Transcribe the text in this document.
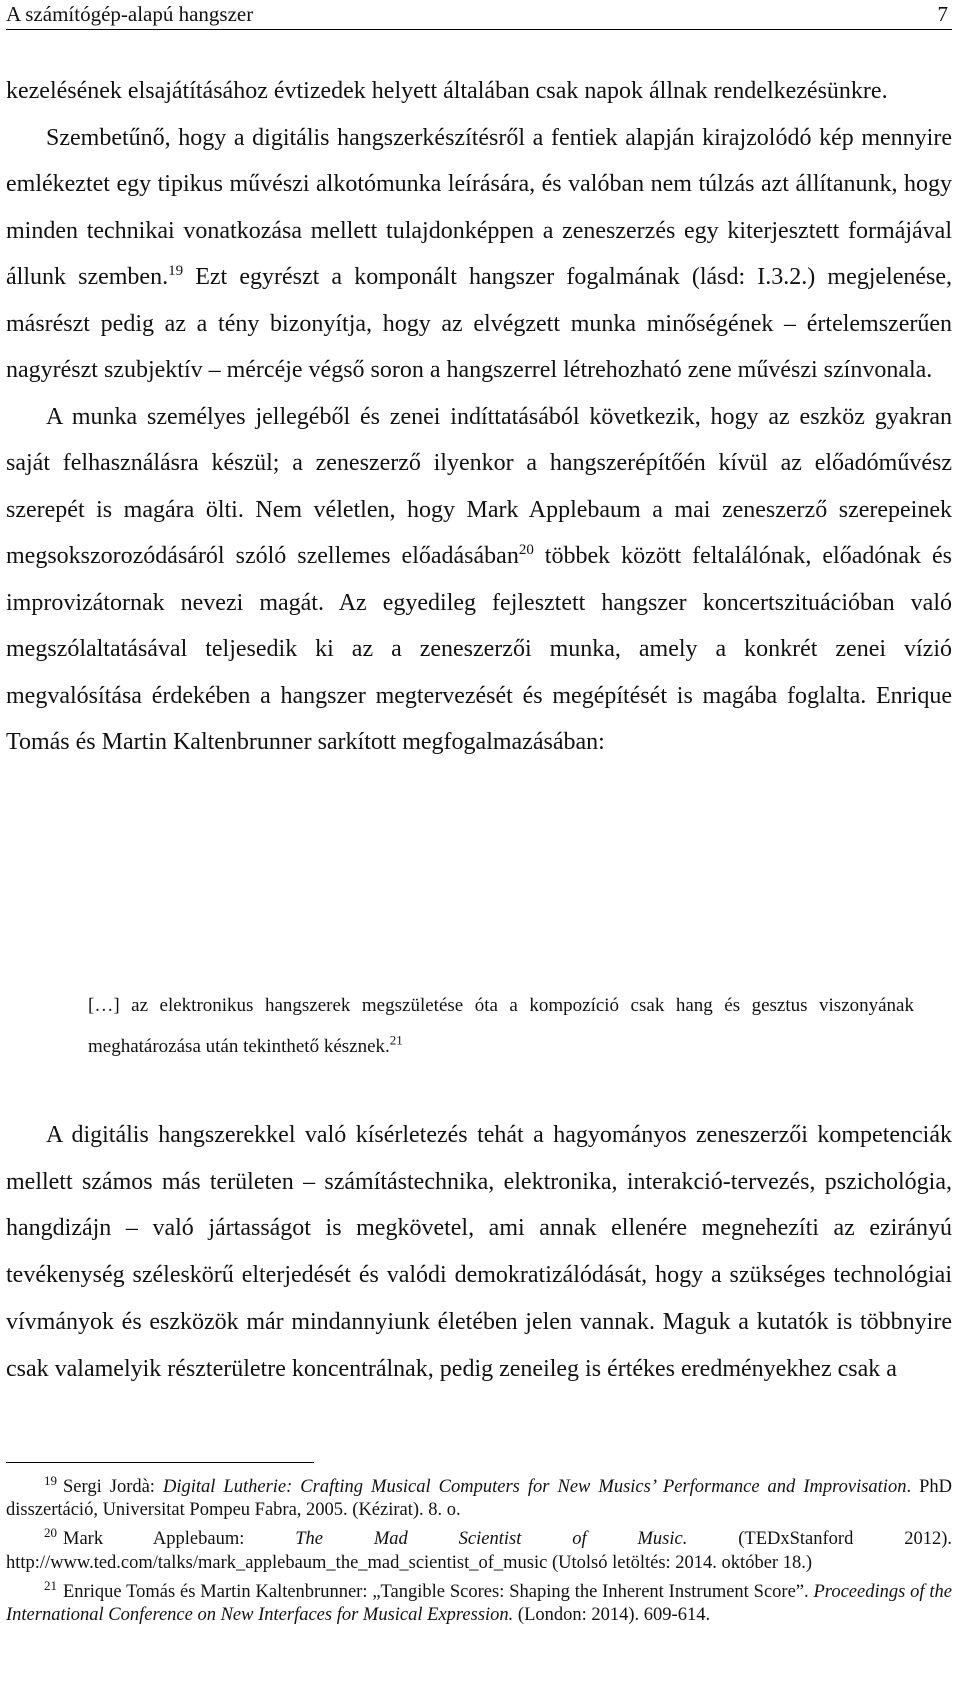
A számítógép-alapú hangszer	7

kezelésének elsajátításához évtizedek helyett általában csak napok állnak rendelkezésünkre.

Szembetűnő, hogy a digitális hangszerkészítésről a fentiek alapján kirajzolódó kép mennyire emlékeztet egy tipikus művészi alkotómunka leírására, és valóban nem túlzás azt állítanunk, hogy minden technikai vonatkozása mellett tulajdonképpen a zeneszerzés egy kiterjesztett formájával állunk szemben.$^{19}$ Ezt egyrészt a komponált hangszer fogalmának (lásd: I.3.2.) megjelenése, másrészt pedig az a tény bizonyítja, hogy az elvégzett munka minőségének – értelemszerűen nagyrészt szubjektív – mércéje végső soron a hangszerrel létrehozható zene művészi színvonala.

A munka személyes jellegéből és zenei indíttatásából következik, hogy az eszköz gyakran saját felhasználásra készül; a zeneszerző ilyenkor a hangszerépítőén kívül az előadóművész szerepét is magára ölti. Nem véletlen, hogy Mark Applebaum a mai zeneszerző szerepeinek megsokszorozódásáról szóló szellemes előadásában$^{20}$ többek között feltalálónak, előadónak és improvizátornak nevezi magát. Az egyedileg fejlesztett hangszer koncertszituációban való megszólaltatásával teljesedik ki az a zeneszerzői munka, amely a konkrét zenei vízió megvalósítása érdekében a hangszer megtervezését és megépítését is magába foglalta. Enrique Tomás és Martin Kaltenbrunner sarkított megfogalmazásában:

[…] az elektronikus hangszerek megszületése óta a kompozíció csak hang és gesztus viszonyának meghatározása után tekinthető késznek.$^{21}$

A digitális hangszerekkel való kísérletezés tehát a hagyományos zeneszerzői kompetenciák mellett számos más területen – számítástechnika, elektronika, interakció-tervezés, pszichológia, hangdizájn – való jártasságot is megkövetel, ami annak ellenére megnehezíti az ezirányú tevékenység széleskörű elterjedését és valódi demokratizálódását, hogy a szükséges technológiai vívmányok és eszközök már mindannyiunk életében jelen vannak. Maguk a kutatók is többnyire csak valamelyik részterületre koncentrálnak, pedig zeneileg is értékes eredményekhez csak a

$^{19}$ Sergi Jordà: Digital Lutherie: Crafting Musical Computers for New Musics’ Performance and Improvisation. PhD disszertáció, Universitat Pompeu Fabra, 2005. (Kézirat). 8. o.

$^{20}$ Mark Applebaum: The Mad Scientist of Music. (TEDxStanford 2012). http://www.ted.com/talks/mark_applebaum_the_mad_scientist_of_music (Utolsó letöltés: 2014. október 18.)

$^{21}$ Enrique Tomás és Martin Kaltenbrunner: „Tangible Scores: Shaping the Inherent Instrument Score”. Proceedings of the International Conference on New Interfaces for Musical Expression. (London: 2014). 609-614.
